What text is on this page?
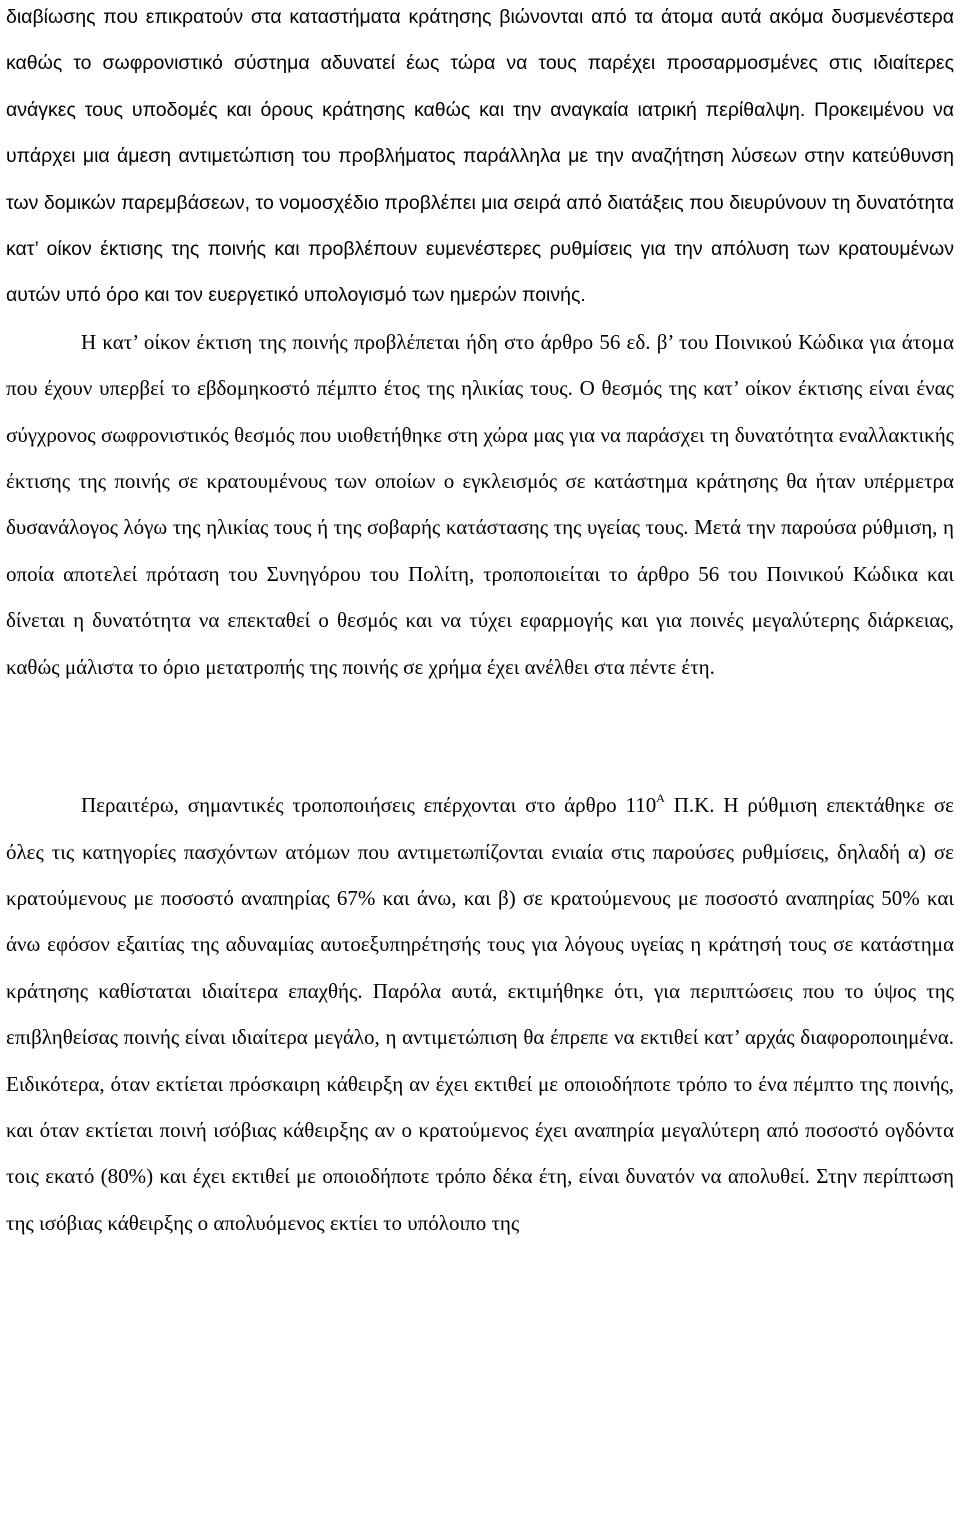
διαβίωσης που επικρατούν στα καταστήματα κράτησης βιώνονται από τα άτομα αυτά ακόμα δυσμενέστερα καθώς το σωφρονιστικό σύστημα αδυνατεί έως τώρα να τους παρέχει προσαρμοσμένες στις ιδιαίτερες ανάγκες τους υποδομές και όρους κράτησης καθώς και την αναγκαία ιατρική περίθαλψη. Προκειμένου να υπάρχει μια άμεση αντιμετώπιση του προβλήματος παράλληλα με την αναζήτηση λύσεων στην κατεύθυνση των δομικών παρεμβάσεων, το νομοσχέδιο προβλέπει μια σειρά από διατάξεις που διευρύνουν τη δυνατότητα κατ’ οίκον έκτισης της ποινής και προβλέπουν ευμενέστερες ρυθμίσεις για την απόλυση των κρατουμένων αυτών υπό όρο και τον ευεργετικό υπολογισμό των ημερών ποινής.

Η κατ’ οίκον έκτιση της ποινής προβλέπεται ήδη στο άρθρο 56 εδ. β’ του Ποινικού Κώδικα για άτομα που έχουν υπερβεί το εβδομηκοστό πέμπτο έτος της ηλικίας τους. Ο θεσμός της κατ’ οίκον έκτισης είναι ένας σύγχρονος σωφρονιστικός θεσμός που υιοθετήθηκε στη χώρα μας για να παράσχει τη δυνατότητα εναλλακτικής έκτισης της ποινής σε κρατουμένους των οποίων ο εγκλεισμός σε κατάστημα κράτησης θα ήταν υπέρμετρα δυσανάλογος λόγω της ηλικίας τους ή της σοβαρής κατάστασης της υγείας τους. Μετά την παρούσα ρύθμιση, η οποία αποτελεί πρόταση του Συνηγόρου του Πολίτη, τροποποιείται το άρθρο 56 του Ποινικού Κώδικα και δίνεται η δυνατότητα να επεκταθεί ο θεσμός και να τύχει εφαρμογής και για ποινές μεγαλύτερης διάρκειας, καθώς μάλιστα το όριο μετατροπής της ποινής σε χρήμα έχει ανέλθει στα πέντε έτη.

Περαιτέρω, σημαντικές τροποποιήσεις επέρχονται στο άρθρο $110^A$ Π.Κ. Η ρύθμιση επεκτάθηκε σε όλες τις κατηγορίες πασχόντων ατόμων που αντιμετωπίζονται ενιαία στις παρούσες ρυθμίσεις, δηλαδή α) σε κρατούμενους με ποσοστό αναπηρίας 67% και άνω, και β) σε κρατούμενους με ποσοστό αναπηρίας 50% και άνω εφόσον εξαιτίας της αδυναμίας αυτοεξυπηρέτησής τους για λόγους υγείας η κράτησή τους σε κατάστημα κράτησης καθίσταται ιδιαίτερα επαχθής. Παρόλα αυτά, εκτιμήθηκε ότι, για περιπτώσεις που το ύψος της επιβληθείσας ποινής είναι ιδιαίτερα μεγάλο, η αντιμετώπιση θα έπρεπε να εκτιθεί κατ’ αρχάς διαφοροποιημένα. Ειδικότερα, όταν εκτίεται πρόσκαιρη κάθειρξη αν έχει εκτιθεί με οποιοδήποτε τρόπο το ένα πέμπτο της ποινής, και όταν εκτίεται ποινή ισόβιας κάθειρξης αν ο κρατούμενος έχει αναπηρία μεγαλύτερη από ποσοστό ογδόντα τοις εκατό (80%) και έχει εκτιθεί με οποιοδήποτε τρόπο δέκα έτη, είναι δυνατόν να απολυθεί. Στην περίπτωση της ισόβιας κάθειρξης ο απολυόμενος εκτίει το υπόλοιπο της
